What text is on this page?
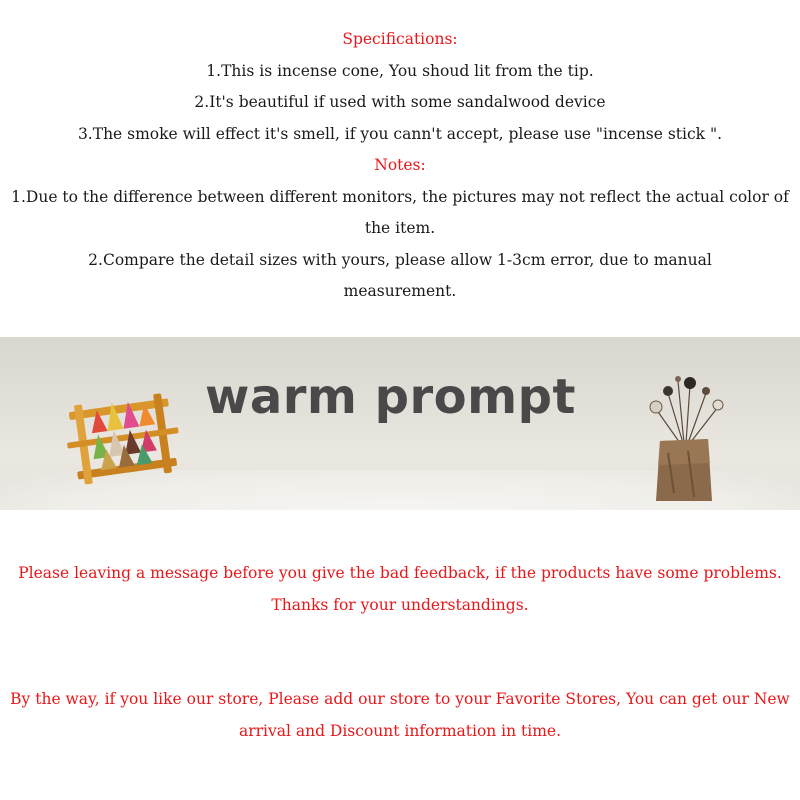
Specifications:
1.This is incense cone, You shoud lit from the tip.
2.It's beautiful if used with some sandalwood device
3.The smoke will effect it's smell, if you cann't accept, please use "incense stick ".
Notes:
1.Due to the difference between different monitors, the pictures may not reflect the actual color of the item.
2.Compare the detail sizes with yours, please allow 1-3cm error, due to manual measurement.
warm prompt
Please leaving a message before you give the bad feedback, if the products have some problems.
Thanks for your understandings.
By the way, if you like our store, Please add our store to your Favorite Stores, You can get our New arrival and Discount information in time.
